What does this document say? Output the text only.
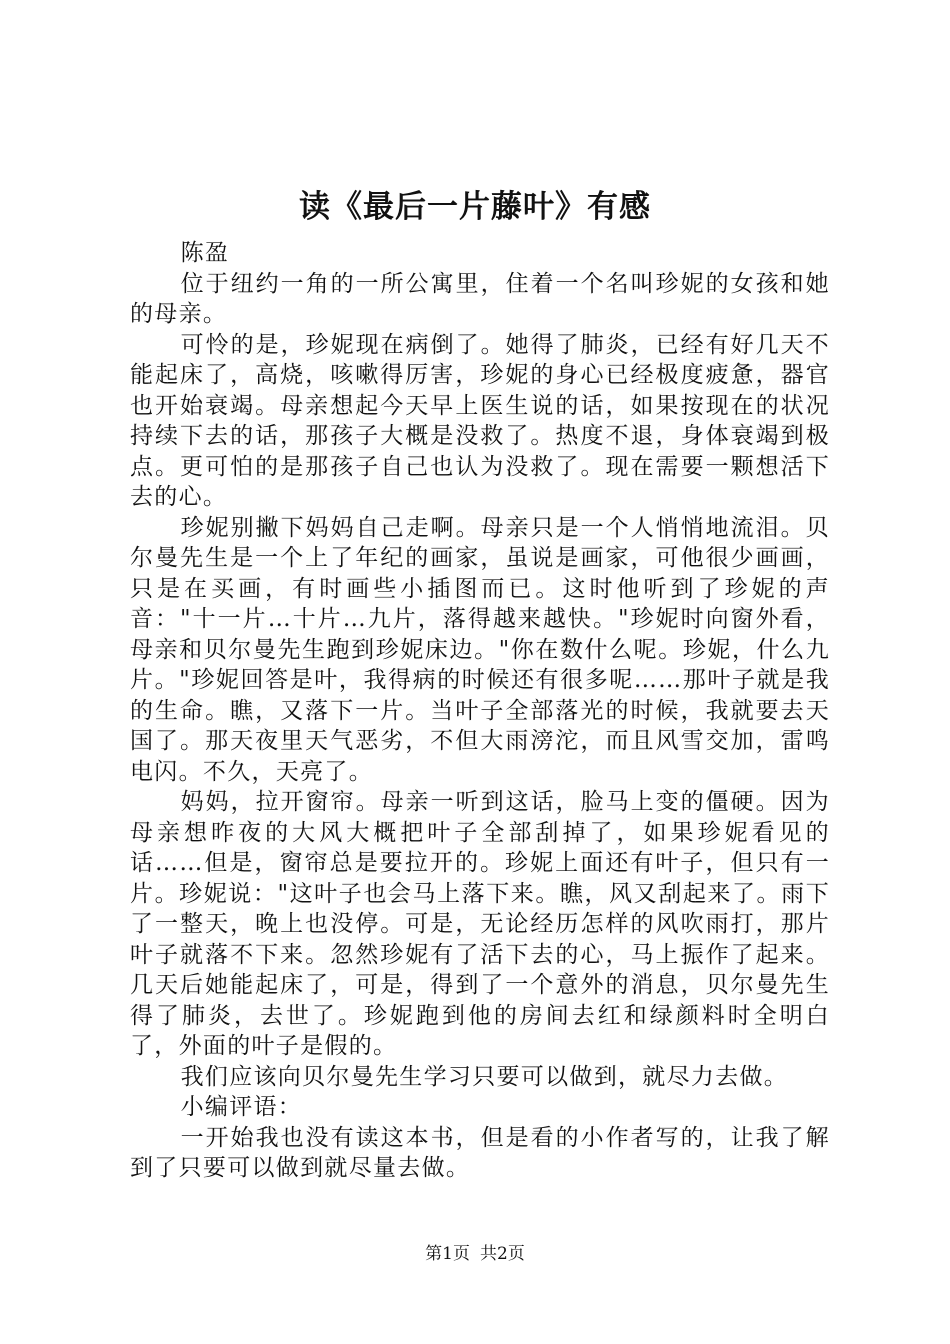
读《最后一片藤叶》有感

陈盈

位于纽约一角的一所公寓里，住着一个名叫珍妮的女孩和她的母亲。

可怜的是，珍妮现在病倒了。她得了肺炎，已经有好几天不能起床了，高烧，咳嗽得厉害，珍妮的身心已经极度疲惫，器官也开始衰竭。母亲想起今天早上医生说的话，如果按现在的状况持续下去的话，那孩子大概是没救了。热度不退，身体衰竭到极点。更可怕的是那孩子自己也认为没救了。现在需要一颗想活下去的心。

珍妮别撇下妈妈自己走啊。母亲只是一个人悄悄地流泪。贝尔曼先生是一个上了年纪的画家，虽说是画家，可他很少画画，只是在买画，有时画些小插图而已。这时他听到了珍妮的声音："十一片…十片…九片，落得越来越快。"珍妮时向窗外看，母亲和贝尔曼先生跑到珍妮床边。"你在数什么呢。珍妮，什么九片。"珍妮回答是叶，我得病的时候还有很多呢……那叶子就是我的生命。瞧，又落下一片。当叶子全部落光的时候，我就要去天国了。那天夜里天气恶劣，不但大雨滂沱，而且风雪交加，雷鸣电闪。不久，天亮了。

妈妈，拉开窗帘。母亲一听到这话，脸马上变的僵硬。因为母亲想昨夜的大风大概把叶子全部刮掉了，如果珍妮看见的话……但是，窗帘总是要拉开的。珍妮上面还有叶子，但只有一片。珍妮说："这叶子也会马上落下来。瞧，风又刮起来了。雨下了一整天，晚上也没停。可是，无论经历怎样的风吹雨打，那片叶子就落不下来。忽然珍妮有了活下去的心，马上振作了起来。几天后她能起床了，可是，得到了一个意外的消息，贝尔曼先生得了肺炎，去世了。珍妮跑到他的房间去红和绿颜料时全明白了，外面的叶子是假的。

我们应该向贝尔曼先生学习只要可以做到，就尽力去做。

小编评语：

一开始我也没有读这本书，但是看的小作者写的，让我了解到了只要可以做到就尽量去做。

第1页 共2页
